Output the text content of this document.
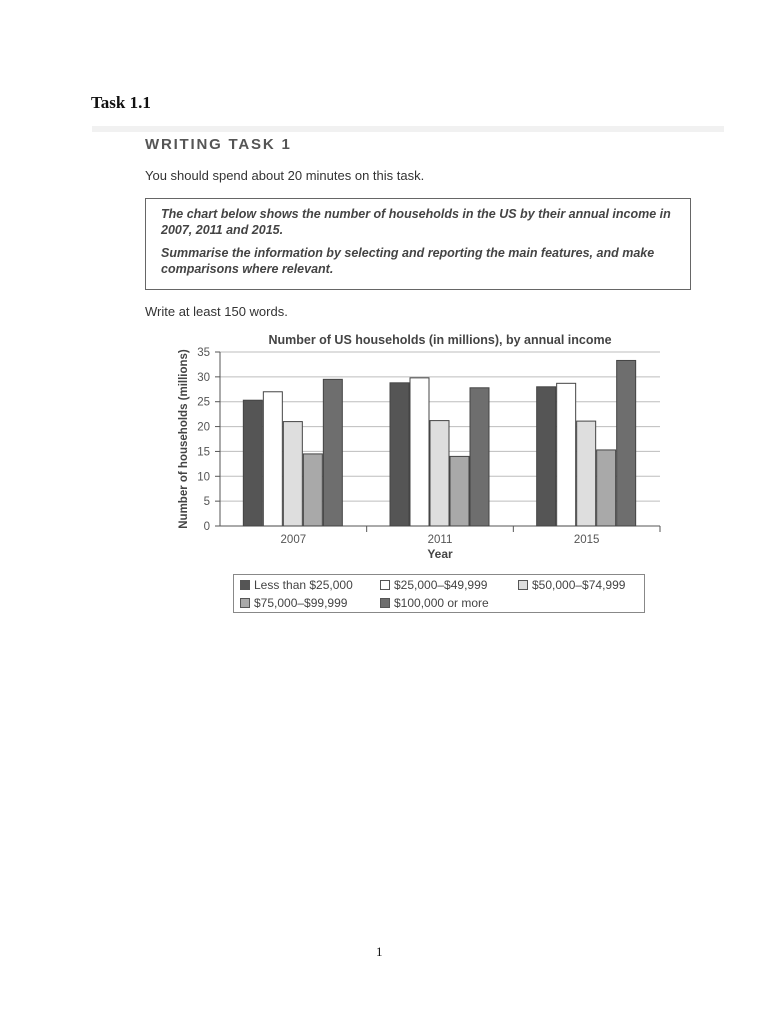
Task 1.1
WRITING TASK 1
You should spend about 20 minutes on this task.

The chart below shows the number of households in the US by their annual income in 2007, 2011 and 2015.

Summarise the information by selecting and reporting the main features, and make comparisons where relevant.

Write at least 150 words.
Number of US households (in millions), by annual income
Number of households (millions) 0
5
10
15
20
25
30
35
2007	2011	2015
Year
Less than $25,000	$25,000–$49,999	$50,000–$74,999
$75,000–$99,999	$100,000 or more
1
